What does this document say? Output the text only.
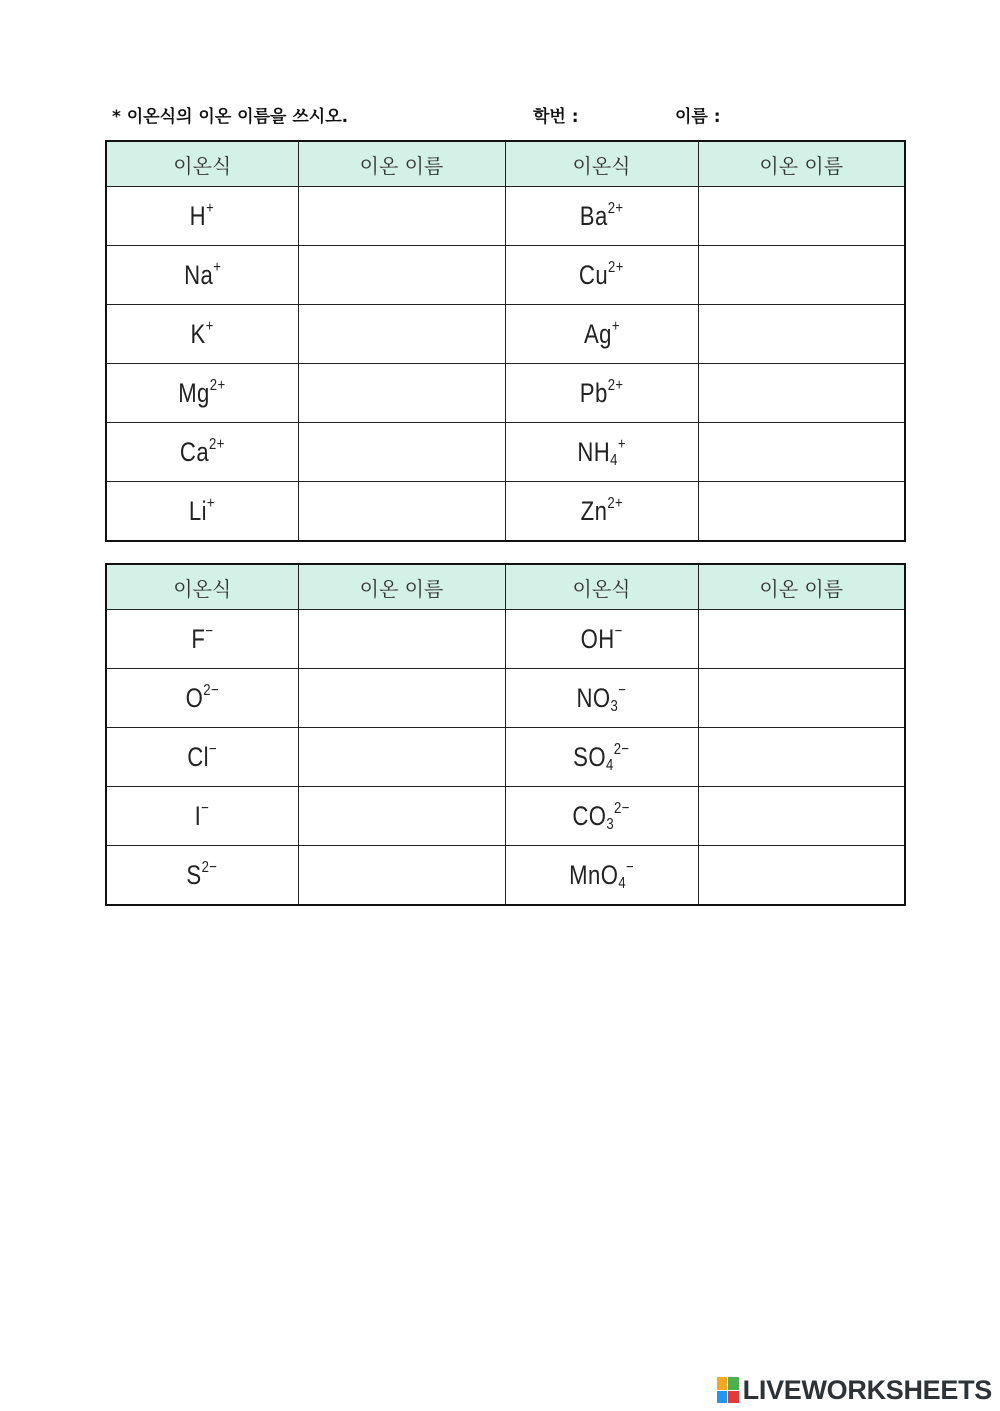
* 이온식의 이온 이름을 쓰시오.	학번 :	이름 :
이온식	이온 이름	이온식	이온 이름
H+		$Ba^{2+}$	
Na+		$Cu^{2+}$	
K+		Ag+	
$Mg^{2+}$		$Pb^{2+}$	
$Ca^{2+}$		$NH_4^+$	
Li+		$Zn^{2+}$	
이온식	이온 이름	이온식	이온 이름
F−		OH−	
$O^{2-}$		$NO_3^-$	
Cl−		$SO_4^{2-}$	
I−		$CO_3^{2-}$	
$S^{2-}$		MnO$_4$−	
LIVEWORKSHEETS
